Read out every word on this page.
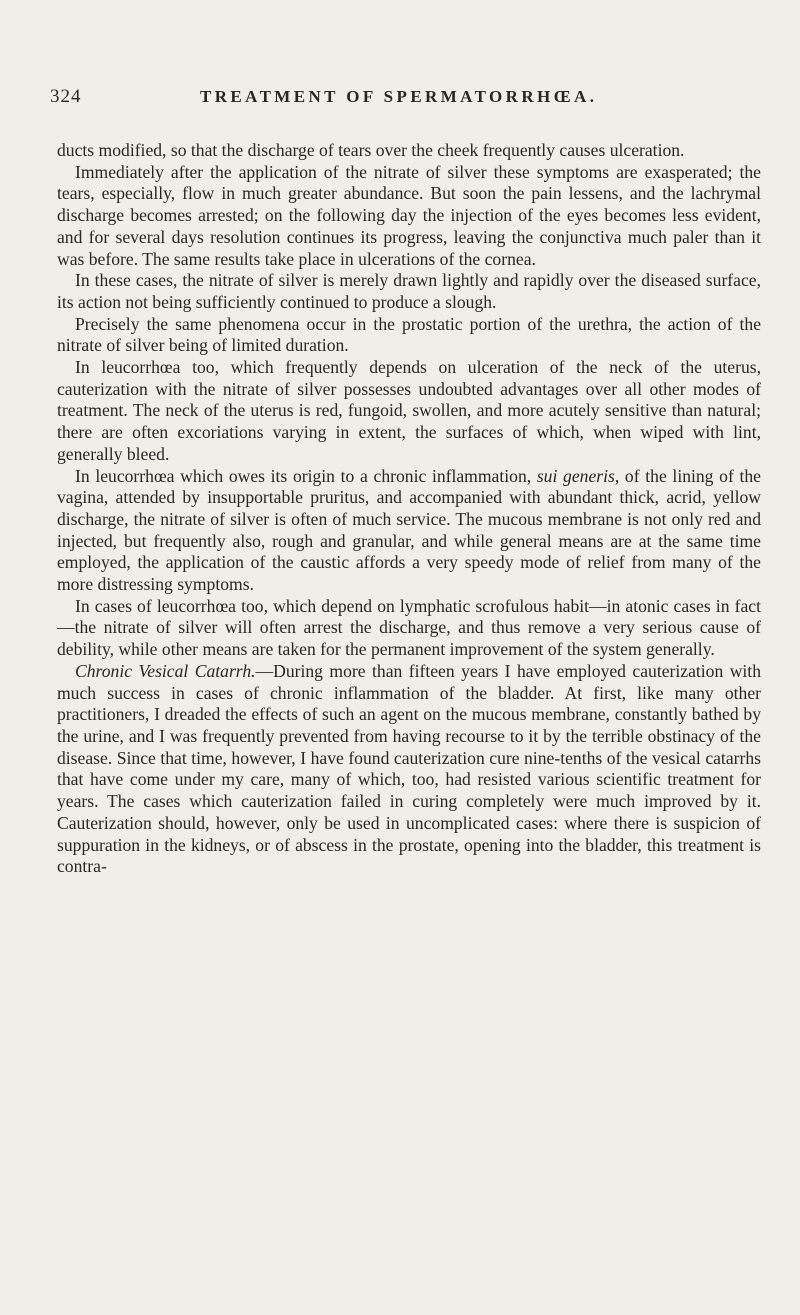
324	TREATMENT OF SPERMATORRHŒA.

ducts modified, so that the discharge of tears over the cheek frequently causes ulceration.

Immediately after the application of the nitrate of silver these symptoms are exasperated; the tears, especially, flow in much greater abundance. But soon the pain lessens, and the lachrymal discharge becomes arrested; on the following day the injection of the eyes becomes less evident, and for several days resolution continues its progress, leaving the conjunctiva much paler than it was before. The same results take place in ulcerations of the cornea.

In these cases, the nitrate of silver is merely drawn lightly and rapidly over the diseased surface, its action not being sufficiently continued to produce a slough.

Precisely the same phenomena occur in the prostatic portion of the urethra, the action of the nitrate of silver being of limited duration.

In leucorrhœa too, which frequently depends on ulceration of the neck of the uterus, cauterization with the nitrate of silver possesses undoubted advantages over all other modes of treatment. The neck of the uterus is red, fungoid, swollen, and more acutely sensitive than natural; there are often excoriations varying in extent, the surfaces of which, when wiped with lint, generally bleed.

In leucorrhœa which owes its origin to a chronic inflammation, sui generis, of the lining of the vagina, attended by insupportable pruritus, and accompanied with abundant thick, acrid, yellow discharge, the nitrate of silver is often of much service. The mucous membrane is not only red and injected, but frequently also, rough and granular, and while general means are at the same time employed, the application of the caustic affords a very speedy mode of relief from many of the more distressing symptoms.

In cases of leucorrhœa too, which depend on lymphatic scrofulous habit—in atonic cases in fact—the nitrate of silver will often arrest the discharge, and thus remove a very serious cause of debility, while other means are taken for the permanent improvement of the system generally.

Chronic Vesical Catarrh.—During more than fifteen years I have employed cauterization with much success in cases of chronic inflammation of the bladder. At first, like many other practitioners, I dreaded the effects of such an agent on the mucous membrane, constantly bathed by the urine, and I was frequently prevented from having recourse to it by the terrible obstinacy of the disease. Since that time, however, I have found cauterization cure nine-tenths of the vesical catarrhs that have come under my care, many of which, too, had resisted various scientific treatment for years. The cases which cauterization failed in curing completely were much improved by it. Cauterization should, however, only be used in uncomplicated cases: where there is suspicion of suppuration in the kidneys, or of abscess in the prostate, opening into the bladder, this treatment is contra-
